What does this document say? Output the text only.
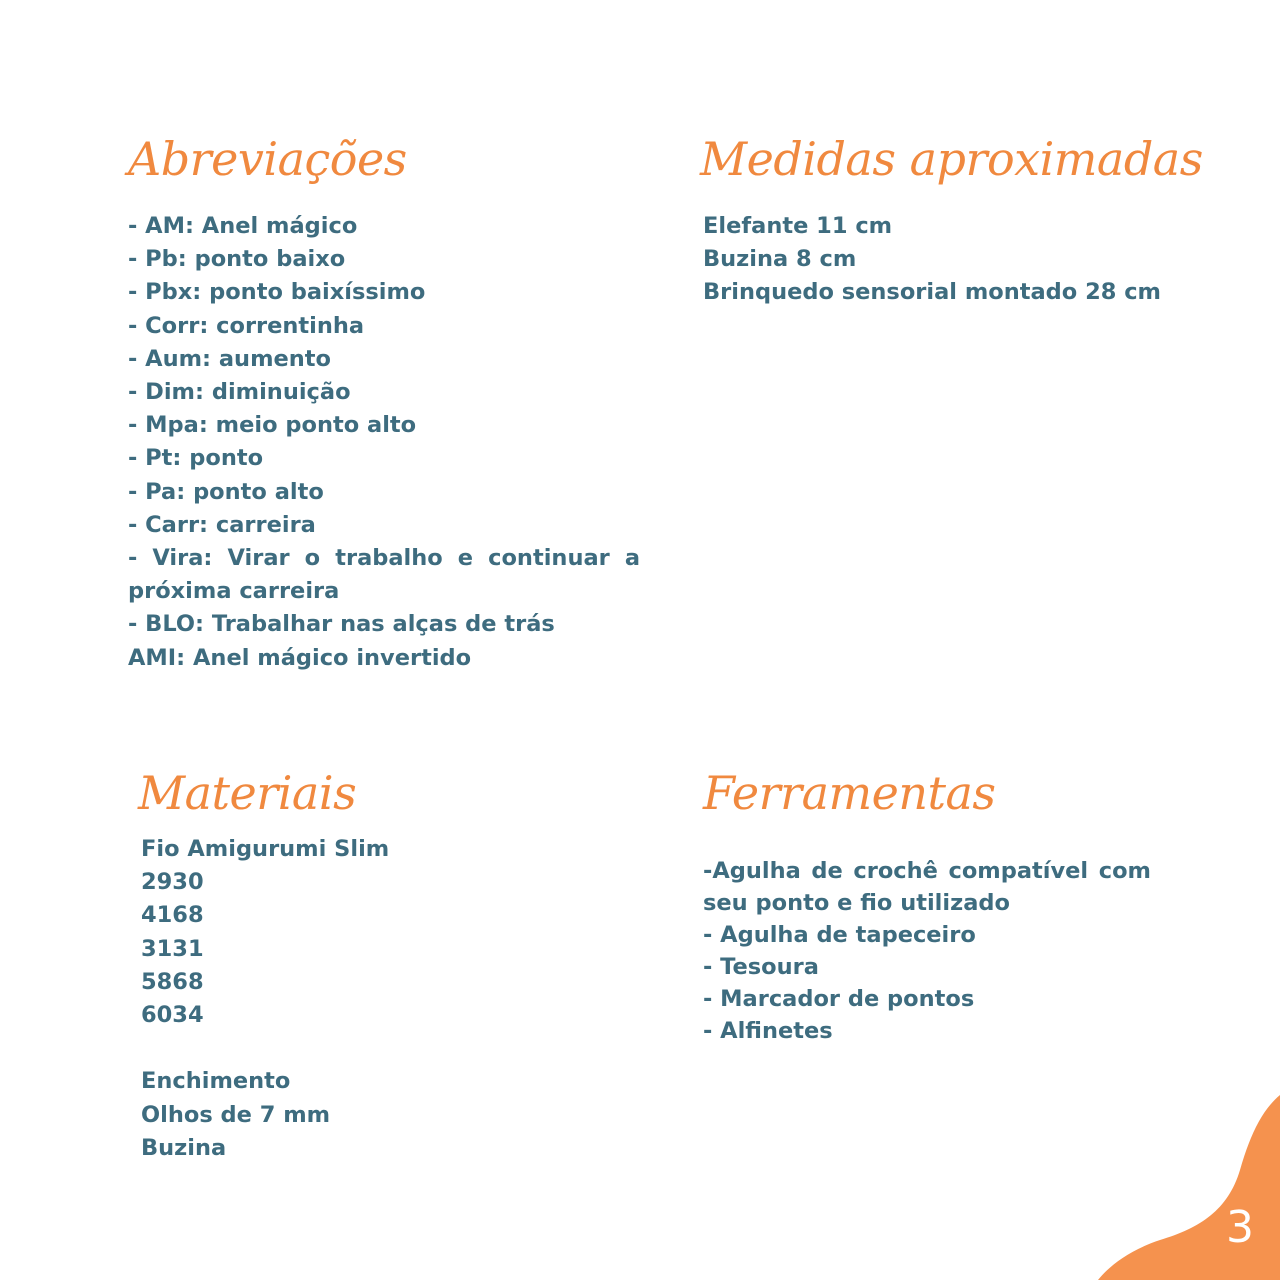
Abreviações
- AM: Anel mágico
- Pb: ponto baixo
- Pbx: ponto baixíssimo
- Corr: correntinha
- Aum: aumento
- Dim: diminuição
- Mpa: meio ponto alto
- Pt: ponto
- Pa: ponto alto
- Carr: carreira
- Vira: Virar o trabalho e continuar a próxima carreira
- BLO: Trabalhar nas alças de trás
AMI: Anel mágico invertido
Medidas aproximadas
Elefante 11 cm
Buzina 8 cm
Brinquedo sensorial montado 28 cm
Materiais
Fio Amigurumi Slim
2930
4168
3131
5868
6034
Enchimento
Olhos de 7 mm
Buzina
Ferramentas
-Agulha de crochê compatível com seu ponto e fio utilizado
- Agulha de tapeceiro
- Tesoura
- Marcador de pontos
- Alfinetes
3
